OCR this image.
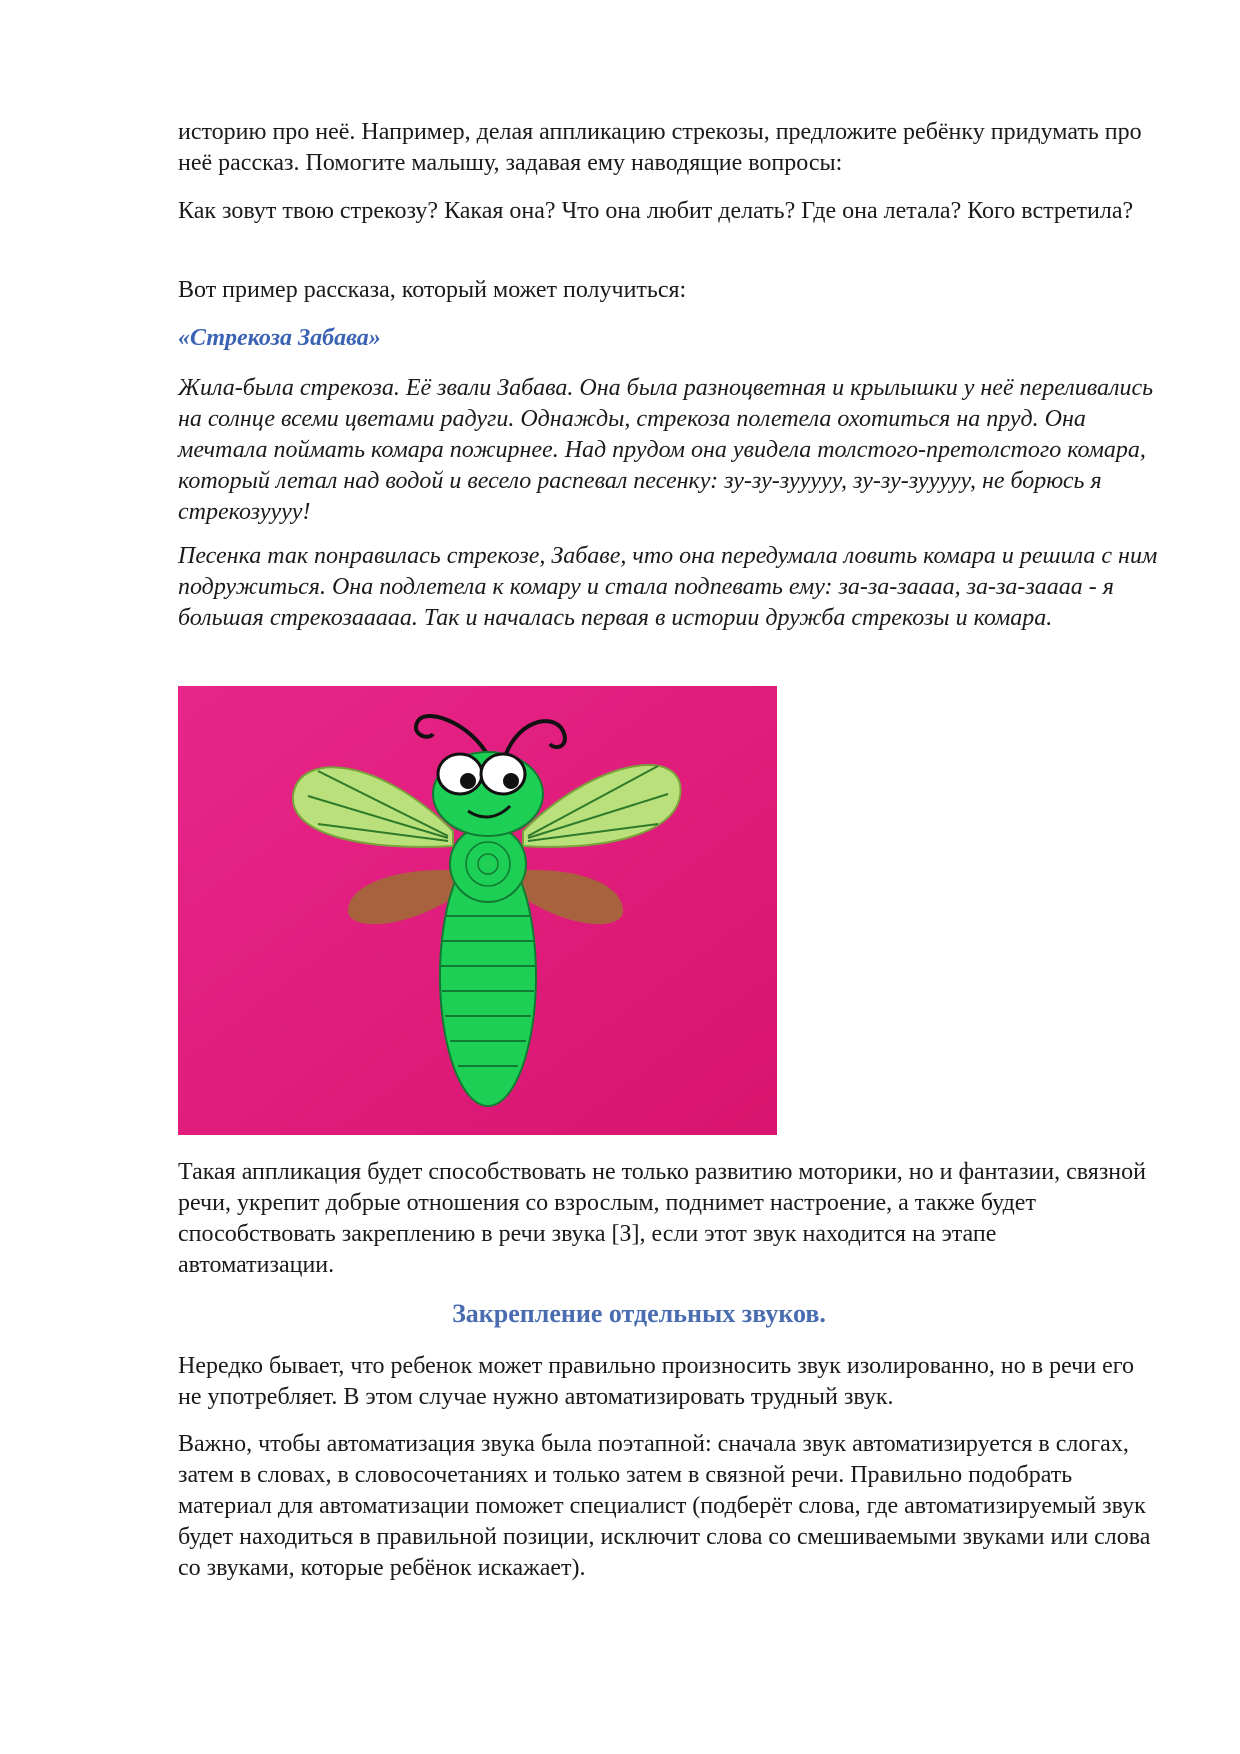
историю про неё. Например, делая аппликацию стрекозы, предложите ребёнку придумать про неё рассказ. Помогите малышу, задавая ему наводящие вопросы:
Как зовут твою стрекозу? Какая она? Что она любит делать? Где она летала? Кого встретила?
Вот пример рассказа, который может получиться:
«Стрекоза Забава»
Жила-была стрекоза. Её звали Забава. Она была разноцветная и крылышки у неё переливались на солнце всеми цветами радуги. Однажды, стрекоза полетела охотиться на пруд. Она мечтала поймать комара пожирнее. Над прудом она увидела толстого-претолстого комара, который летал над водой и весело распевал песенку: зу-зу-зууууу, зу-зу-зууууу, не борюсь я стрекозуууу!
Песенка так понравилась стрекозе, Забаве, что она передумала ловить комара и решила с ним подружиться. Она подлетела к комару и стала подпевать ему: за-за-заааа, за-за-заааа - я большая стрекозааааа. Так и началась первая в истории дружба стрекозы и комара.
Такая аппликация будет способствовать не только развитию моторики, но и фантазии, связной речи, укрепит добрые отношения со взрослым, поднимет настроение, а также будет способствовать закреплению в речи звука [З], если этот звук находится на этапе автоматизации.
Закрепление отдельных звуков.
Нередко бывает, что ребенок может правильно произносить звук изолированно, но в речи его не употребляет. В этом случае нужно автоматизировать трудный звук.
Важно, чтобы автоматизация звука была поэтапной: сначала звук автоматизируется в слогах, затем в словах, в словосочетаниях и только затем в связной речи. Правильно подобрать материал для автоматизации поможет специалист (подберёт слова, где автоматизируемый звук будет находиться в правильной позиции, исключит слова со смешиваемыми звуками или слова со звуками, которые ребёнок искажает).
